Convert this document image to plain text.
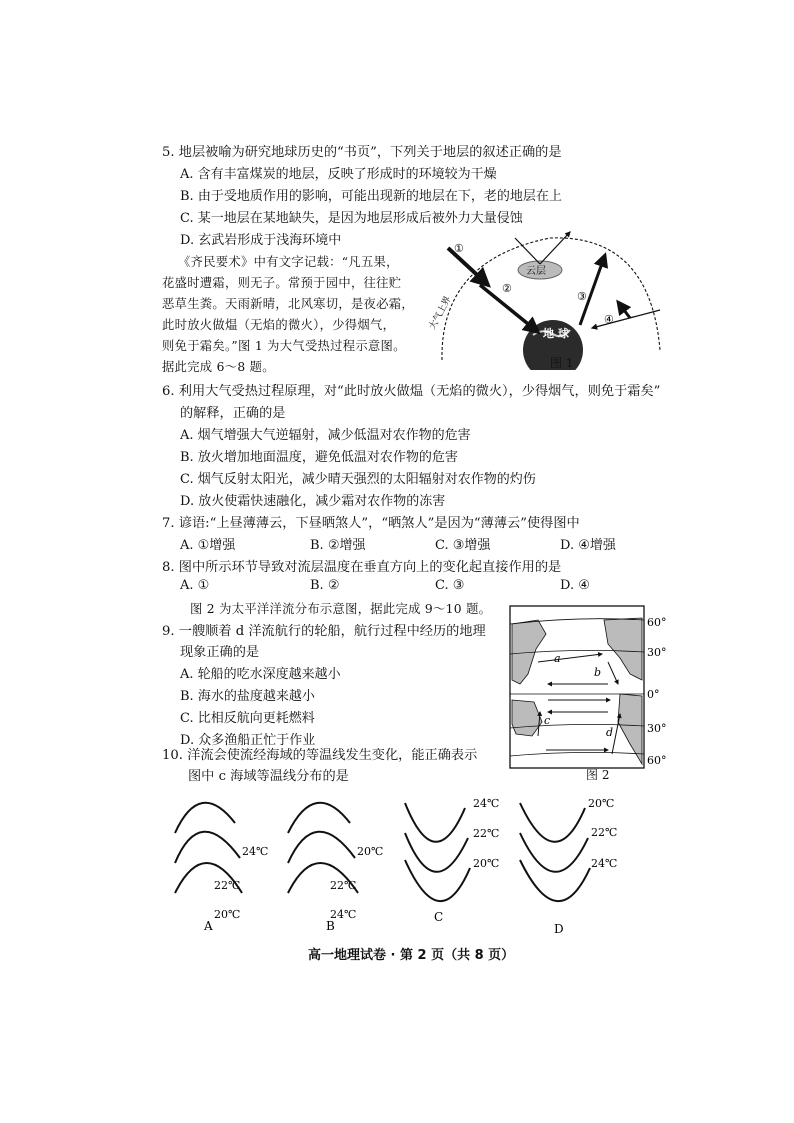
5. 地层被喻为研究地球历史的“书页”，下列关于地层的叙述正确的是
A. 含有丰富煤炭的地层，反映了形成时的环境较为干燥
B. 由于受地质作用的影响，可能出现新的地层在下，老的地层在上
C. 某一地层在某地缺失，是因为地层形成后被外力大量侵蚀
D. 玄武岩形成于浅海环境中
《齐民要术》中有文字记载：“凡五果，
花盛时遭霜，则无子。常预于园中，往往贮
恶草生粪。天雨新晴，北风寒切，是夜必霜，
此时放火做煴（无焰的微火），少得烟气，
则免于霜矣。”图 1 为大气受热过程示意图。
据此完成 6～8 题。
地 球
云层
①
②
③
④
大气上界
图 1
6. 利用大气受热过程原理，对“此时放火做煴（无焰的微火），少得烟气，则免于霜矣”
的解释，正确的是
A. 烟气增强大气逆辐射，减少低温对农作物的危害
B. 放火增加地面温度，避免低温对农作物的危害
C. 烟气反射太阳光，减少晴天强烈的太阳辐射对农作物的灼伤
D. 放火使霜快速融化，减少霜对农作物的冻害
7. 谚语:“上昼薄薄云，下昼晒煞人”，“晒煞人”是因为“薄薄云”使得图中
A. ①增强	B. ②增强	C. ③增强	D. ④增强
8. 图中所示环节导致对流层温度在垂直方向上的变化起直接作用的是
A. ①	B. ②	C. ③	D. ④
图 2 为太平洋洋流分布示意图，据此完成 9～10 题。
9. 一艘顺着 d 洋流航行的轮船，航行过程中经历的地理
现象正确的是
A. 轮船的吃水深度越来越小
B. 海水的盐度越来越小
C. 比相反航向更耗燃料
D. 众多渔船正忙于作业
a
b
c
d
60°
30°
0°
30°
60°
图 2
10. 洋流会使流经海域的等温线发生变化，能正确表示
图中 c 海域等温线分布的是
24℃
22℃
20℃
A
20℃
22℃
24℃
B
24℃
22℃
20℃
C
20℃
22℃
24℃
D
高一地理试卷 · 第 2 页（共 8 页）
